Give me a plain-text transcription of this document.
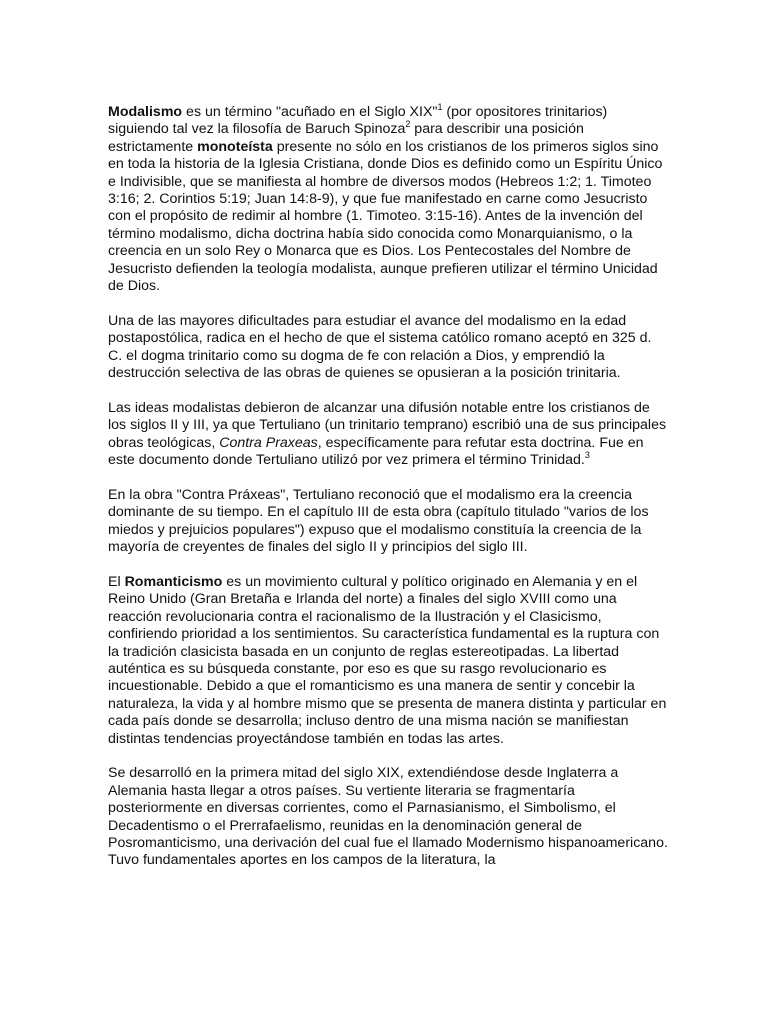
Modalismo es un término "acuñado en el Siglo XIX"$^1$ (por opositores trinitarios) siguiendo tal vez la filosofía de Baruch Spinoza$^2$ para describir una posición estrictamente monoteísta presente no sólo en los cristianos de los primeros siglos sino en toda la historia de la Iglesia Cristiana, donde Dios es definido como un Espíritu Único e Indivisible, que se manifiesta al hombre de diversos modos (Hebreos 1:2; 1. Timoteo 3:16; 2. Corintios 5:19; Juan 14:8-9), y que fue manifestado en carne como Jesucristo con el propósito de redimir al hombre (1. Timoteo. 3:15-16). Antes de la invención del término modalismo, dicha doctrina había sido conocida como Monarquianismo, o la creencia en un solo Rey o Monarca que es Dios. Los Pentecostales del Nombre de Jesucristo defienden la teología modalista, aunque prefieren utilizar el término Unicidad de Dios.

Una de las mayores dificultades para estudiar el avance del modalismo en la edad postapostólica, radica en el hecho de que el sistema católico romano aceptó en 325 d. C. el dogma trinitario como su dogma de fe con relación a Dios, y emprendió la destrucción selectiva de las obras de quienes se opusieran a la posición trinitaria.

Las ideas modalistas debieron de alcanzar una difusión notable entre los cristianos de los siglos II y III, ya que Tertuliano (un trinitario temprano) escribió una de sus principales obras teológicas, Contra Praxeas, específicamente para refutar esta doctrina. Fue en este documento donde Tertuliano utilizó por vez primera el término Trinidad.$^3$

En la obra "Contra Práxeas", Tertuliano reconoció que el modalismo era la creencia dominante de su tiempo. En el capítulo III de esta obra (capítulo titulado "varios de los miedos y prejuicios populares") expuso que el modalismo constituía la creencia de la mayoría de creyentes de finales del siglo II y principios del siglo III.

El Romanticismo es un movimiento cultural y político originado en Alemania y en el Reino Unido (Gran Bretaña e Irlanda del norte) a finales del siglo XVIII como una reacción revolucionaria contra el racionalismo de la Ilustración y el Clasicismo, confiriendo prioridad a los sentimientos. Su característica fundamental es la ruptura con la tradición clasicista basada en un conjunto de reglas estereotipadas. La libertad auténtica es su búsqueda constante, por eso es que su rasgo revolucionario es incuestionable. Debido a que el romanticismo es una manera de sentir y concebir la naturaleza, la vida y al hombre mismo que se presenta de manera distinta y particular en cada país donde se desarrolla; incluso dentro de una misma nación se manifiestan distintas tendencias proyectándose también en todas las artes.

Se desarrolló en la primera mitad del siglo XIX, extendiéndose desde Inglaterra a Alemania hasta llegar a otros países. Su vertiente literaria se fragmentaría posteriormente en diversas corrientes, como el Parnasianismo, el Simbolismo, el Decadentismo o el Prerrafaelismo, reunidas en la denominación general de Posromanticismo, una derivación del cual fue el llamado Modernismo hispanoamericano. Tuvo fundamentales aportes en los campos de la literatura, la
